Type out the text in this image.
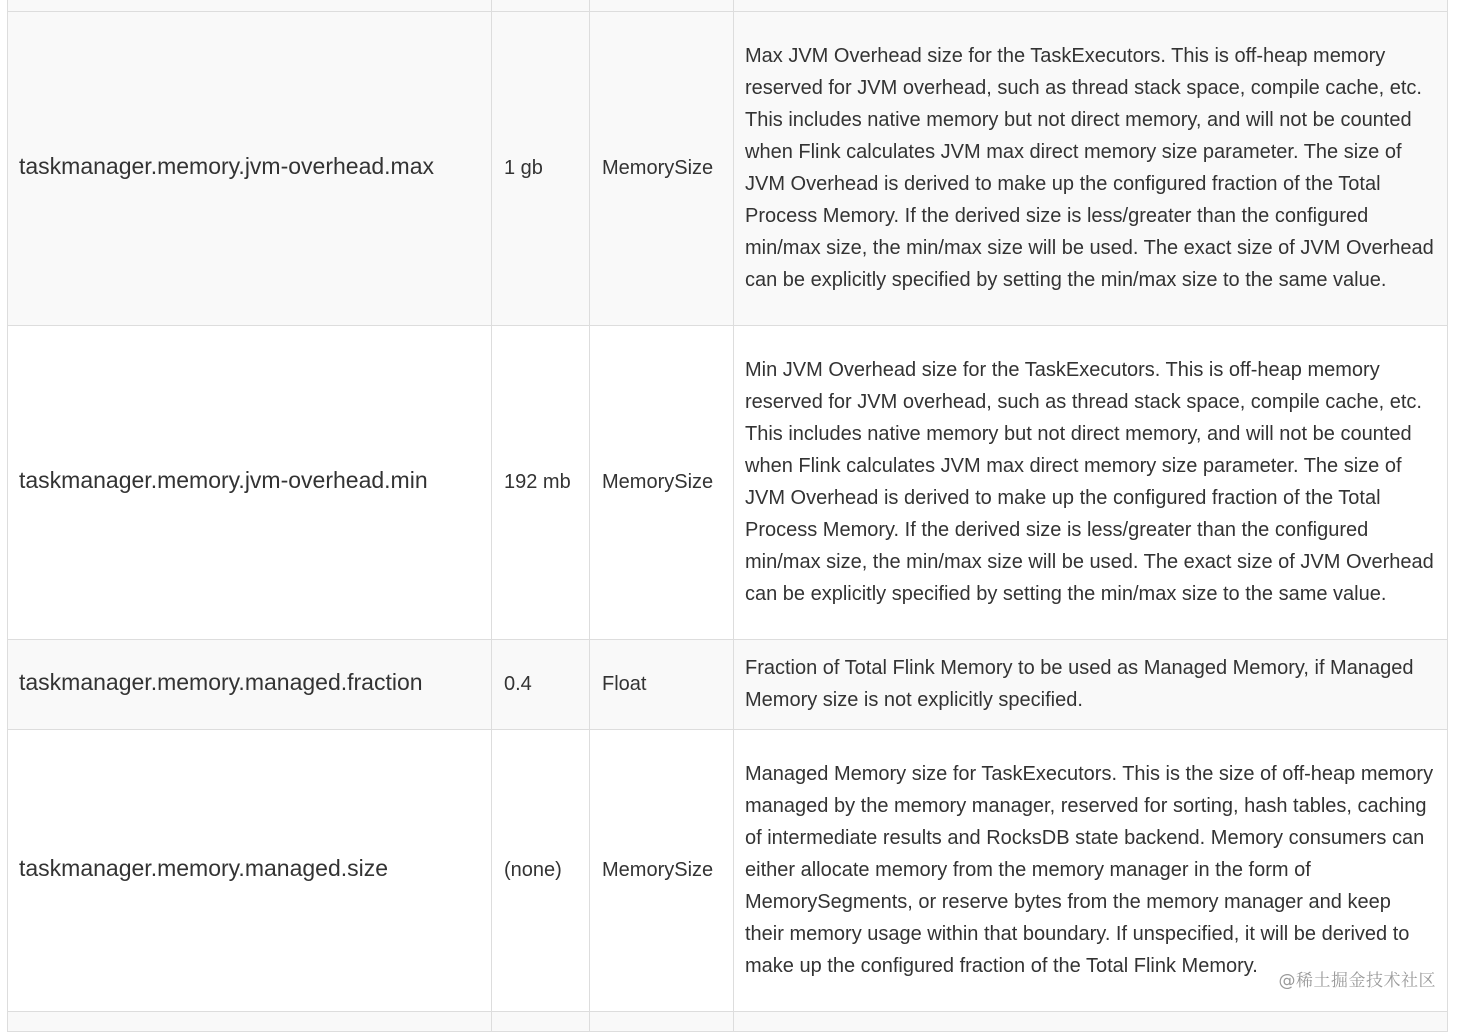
taskmanager.memory.jvm-overhead.max	1 gb	MemorySize	Max JVM Overhead size for the TaskExecutors. This is off-heap memory reserved for JVM overhead, such as thread stack space, compile cache, etc. This includes native memory but not direct memory, and will not be counted when Flink calculates JVM max direct memory size parameter. The size of JVM Overhead is derived to make up the configured fraction of the Total Process Memory. If the derived size is less/greater than the configured min/max size, the min/max size will be used. The exact size of JVM Overhead can be explicitly specified by setting the min/max size to the same value.
taskmanager.memory.jvm-overhead.min	192 mb	MemorySize	Min JVM Overhead size for the TaskExecutors. This is off-heap memory reserved for JVM overhead, such as thread stack space, compile cache, etc. This includes native memory but not direct memory, and will not be counted when Flink calculates JVM max direct memory size parameter. The size of JVM Overhead is derived to make up the configured fraction of the Total Process Memory. If the derived size is less/greater than the configured min/max size, the min/max size will be used. The exact size of JVM Overhead can be explicitly specified by setting the min/max size to the same value.
taskmanager.memory.managed.fraction	0.4	Float	Fraction of Total Flink Memory to be used as Managed Memory, if Managed Memory size is not explicitly specified.
taskmanager.memory.managed.size	(none)	MemorySize	Managed Memory size for TaskExecutors. This is the size of off-heap memory managed by the memory manager, reserved for sorting, hash tables, caching of intermediate results and RocksDB state backend. Memory consumers can either allocate memory from the memory manager in the form of MemorySegments, or reserve bytes from the memory manager and keep their memory usage within that boundary. If unspecified, it will be derived to make up the configured fraction of the Total Flink Memory.

@稀土掘金技术社区
